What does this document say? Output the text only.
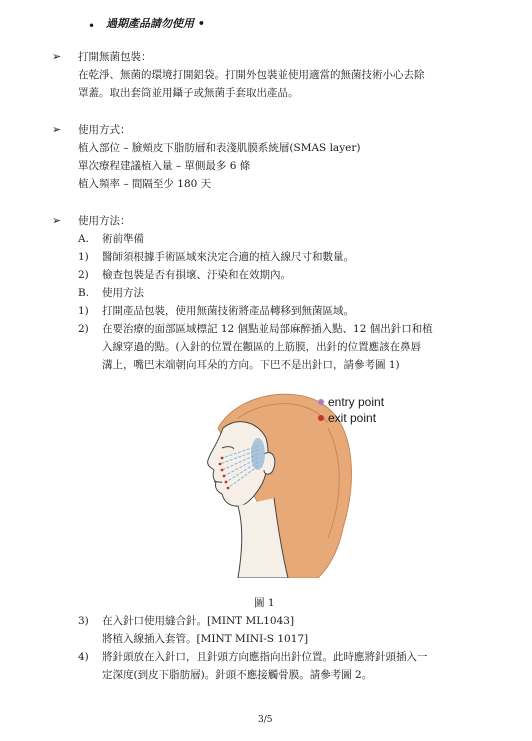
• 過期產品請勿使用 •
➢ 打開無菌包裝：
在乾淨、無菌的環境打開鋁袋。打開外包裝並使用適當的無菌技術小心去除
罩蓋。取出套筒並用鑷子或無菌手套取出產品。
➢ 使用方式：
植入部位 – 臉頰皮下脂肪層和表淺肌膜系統層(SMAS layer)
單次療程建議植入量 – 單側最多 6 條
植入頻率 – 間隔至少 180 天
➢ 使用方法：
A. 術前準備
1) 醫師須根據手術區域來決定合適的植入線尺寸和數量。
2) 檢查包裝是否有損壞、汙染和在效期內。
B. 使用方法
1) 打開產品包裝，使用無菌技術將產品轉移到無菌區域。
2) 在要治療的面部區域標記 12 個點並局部麻醉插入點、12 個出針口和植
入線穿過的點。(入針的位置在顴區的上筋膜，出針的位置應該在鼻唇
溝上，嘴巴末端朝向耳朵的方向。下巴不是出針口，請參考圖 1)
entry point
exit point
圖 1
3) 在入針口使用縫合針。[MINT ML1043]
將植入線插入套管。[MINT MINI-S 1017]
4) 將針頭放在入針口，且針頭方向應指向出針位置。此時應將針頭插入一
定深度(到皮下脂肪層)。針頭不應接觸骨膜。請參考圖 2。
3/5
